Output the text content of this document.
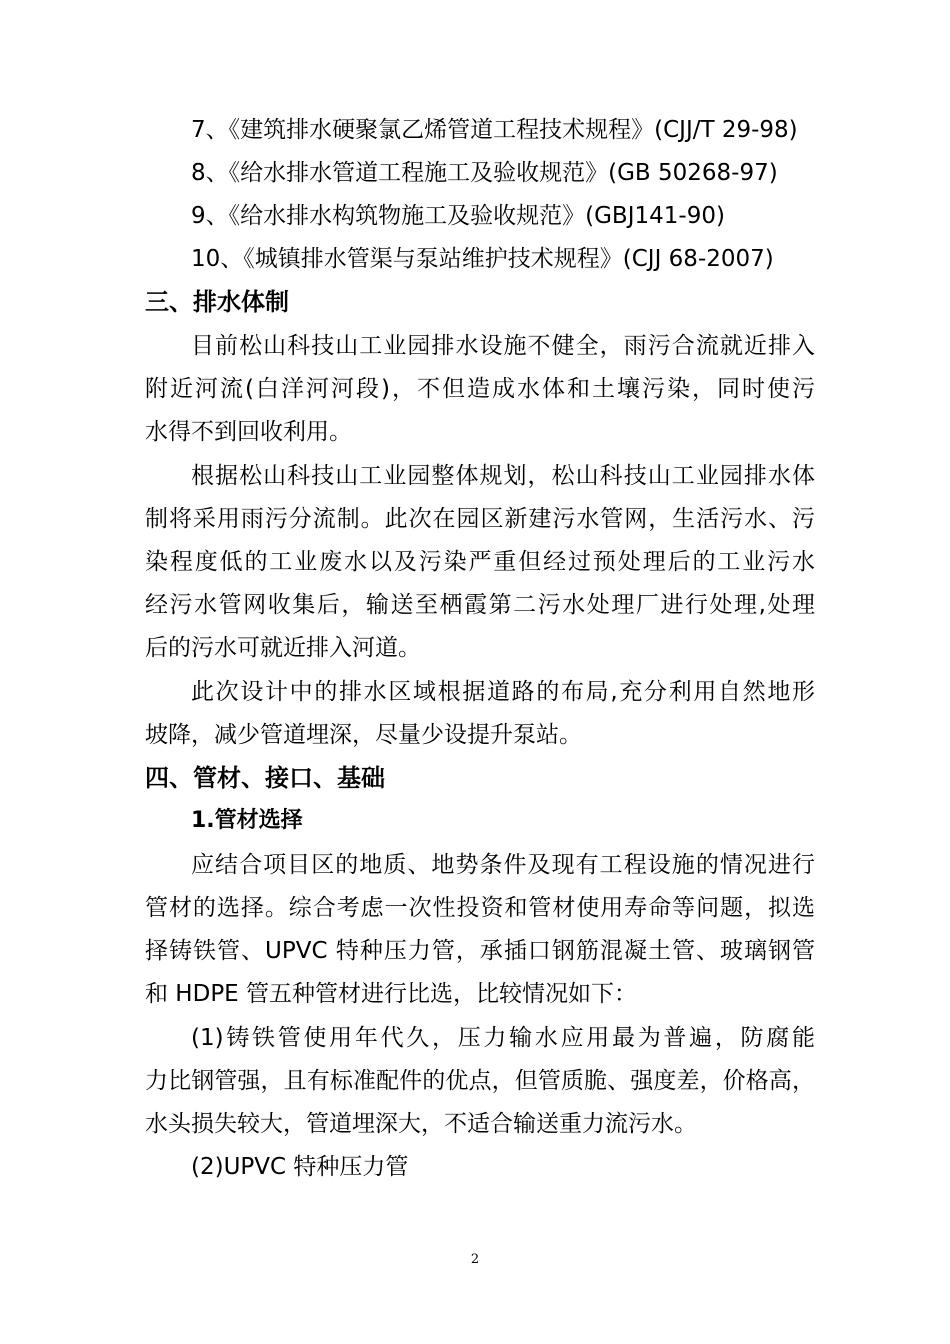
7、《建筑排水硬聚氯乙烯管道工程技术规程》(CJJ/T 29-98)
8、《给水排水管道工程施工及验收规范》(GB 50268-97)
9、《给水排水构筑物施工及验收规范》(GBJ141-90)
10、《城镇排水管渠与泵站维护技术规程》(CJJ 68-2007)
三、排水体制
目前松山科技山工业园排水设施不健全，雨污合流就近排入
附近河流(白洋河河段)，不但造成水体和土壤污染，同时使污
水得不到回收利用。
根据松山科技山工业园整体规划，松山科技山工业园排水体
制将采用雨污分流制。此次在园区新建污水管网，生活污水、污
染程度低的工业废水以及污染严重但经过预处理后的工业污水
经污水管网收集后，输送至栖霞第二污水处理厂进行处理,处理
后的污水可就近排入河道。
此次设计中的排水区域根据道路的布局,充分利用自然地形
坡降，减少管道埋深，尽量少设提升泵站。
四、管材、接口、基础
1.管材选择
应结合项目区的地质、地势条件及现有工程设施的情况进行
管材的选择。综合考虑一次性投资和管材使用寿命等问题，拟选
择铸铁管、UPVC 特种压力管，承插口钢筋混凝土管、玻璃钢管
和 HDPE 管五种管材进行比选，比较情况如下：
(1)铸铁管使用年代久，压力输水应用最为普遍，防腐能
力比钢管强，且有标准配件的优点，但管质脆、强度差，价格高，
水头损失较大，管道埋深大，不适合输送重力流污水。
(2)UPVC 特种压力管
2
